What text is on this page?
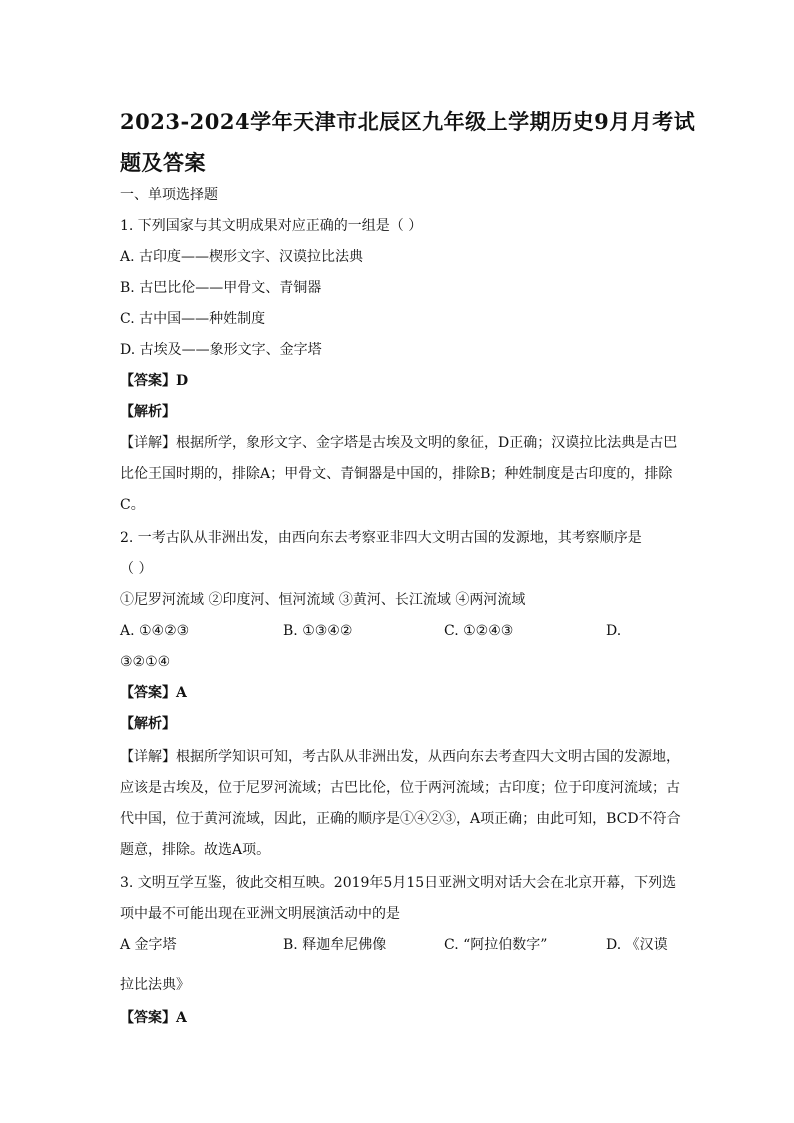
2023-2024学年天津市北辰区九年级上学期历史9月月考试
题及答案
一、单项选择题
1. 下列国家与其文明成果对应正确的一组是（ ）
A. 古印度——楔形文字、汉谟拉比法典
B. 古巴比伦——甲骨文、青铜器
C. 古中国——种姓制度
D. 古埃及——象形文字、金字塔
【答案】D
【解析】
【详解】根据所学，象形文字、金字塔是古埃及文明的象征，D正确；汉谟拉比法典是古巴
比伦王国时期的，排除A；甲骨文、青铜器是中国的，排除B；种姓制度是古印度的，排除
C。
2. 一考古队从非洲出发，由西向东去考察亚非四大文明古国的发源地，其考察顺序是
（ ）
①尼罗河流域 ②印度河、恒河流域 ③黄河、长江流域 ④两河流域
A. ①④②③	B. ①③④②	C. ①②④③	D.
③②①④
【答案】A
【解析】
【详解】根据所学知识可知，考古队从非洲出发，从西向东去考查四大文明古国的发源地，
应该是古埃及，位于尼罗河流域；古巴比伦，位于两河流域；古印度；位于印度河流域；古
代中国，位于黄河流域，因此，正确的顺序是①④②③，A项正确；由此可知，BCD不符合
题意，排除。故选A项。
3. 文明互学互鉴，彼此交相互映。2019年5月15日亚洲文明对话大会在北京开幕，下列选
项中最不可能出现在亚洲文明展演活动中的是
A 金字塔	B. 释迦牟尼佛像	C. “阿拉伯数字”	D. 《汉谟
拉比法典》
【答案】A
